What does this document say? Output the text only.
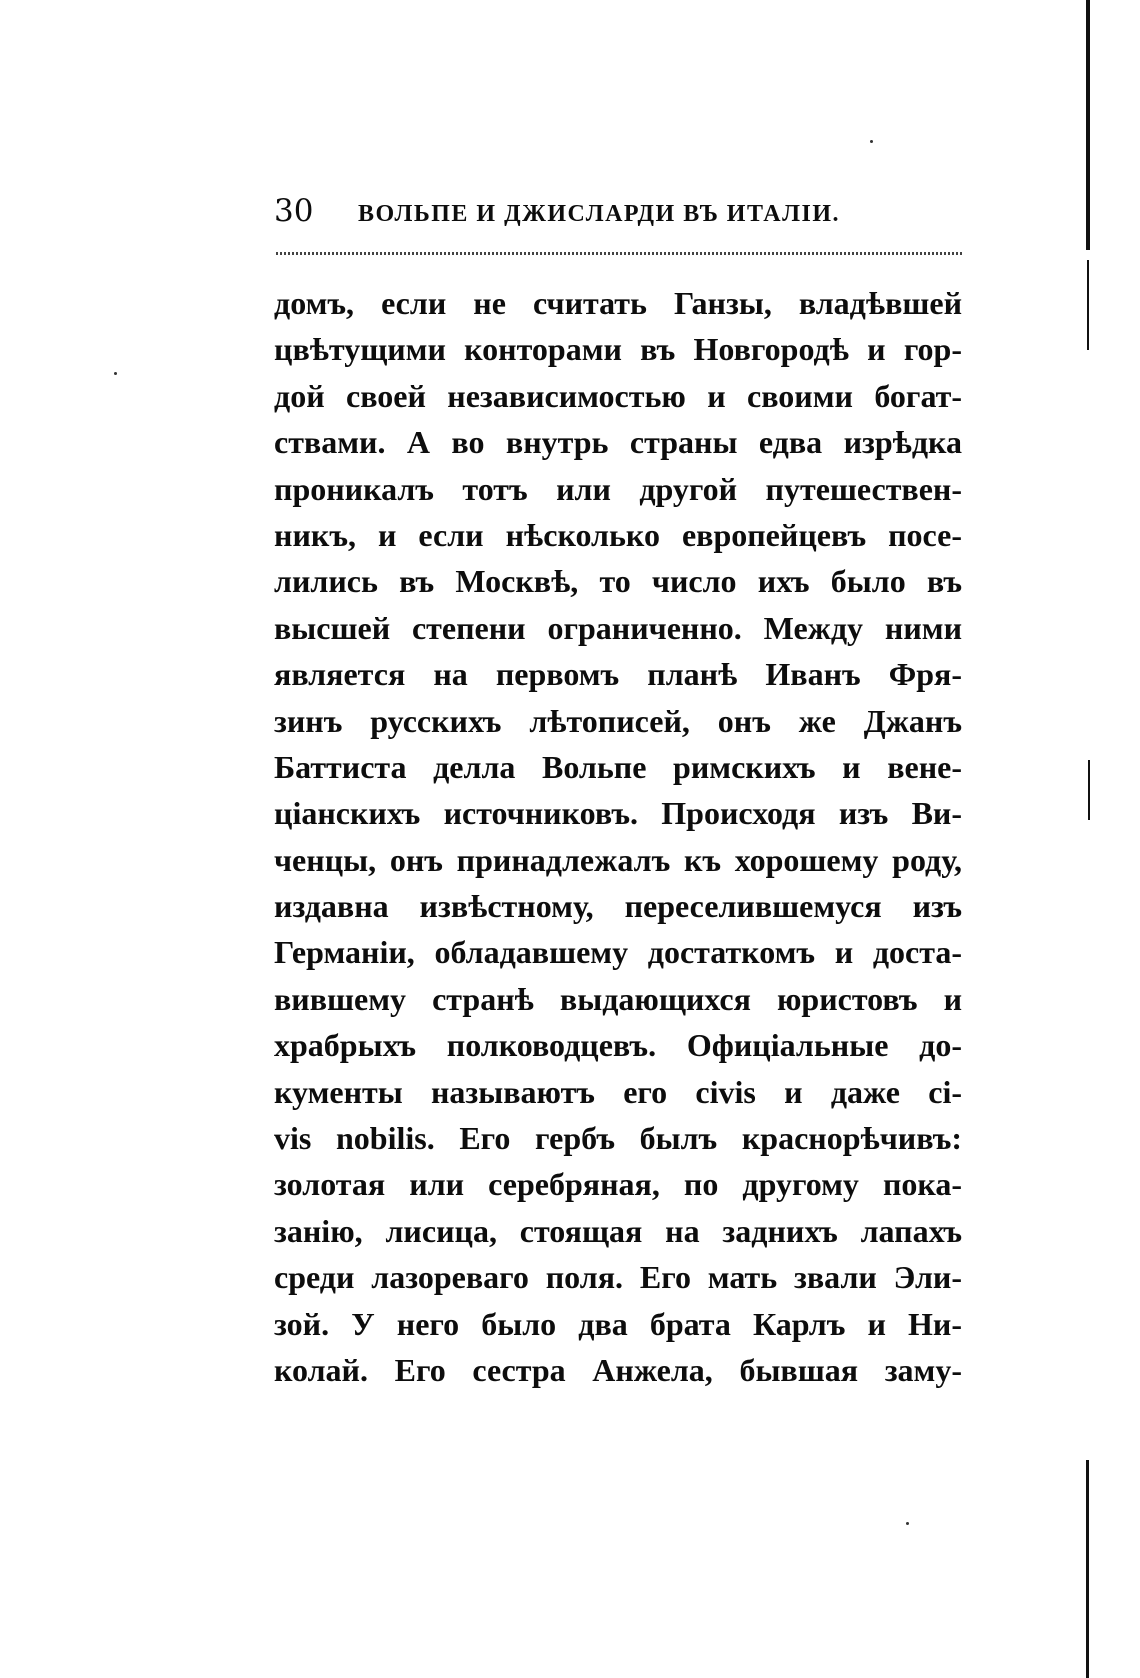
30 ВОЛЬПЕ И ДЖИСЛАРДИ ВЪ ИТАЛІИ.
домъ, если не считать Ганзы, владѣвшей
цвѣтущими конторами въ Новгородѣ и гор-
дой своей независимостью и своими богат-
ствами. А во внутрь страны едва изрѣдка
проникалъ тотъ или другой путешествен-
никъ, и если нѣсколько европейцевъ посе-
лились въ Москвѣ, то число ихъ было въ
высшей степени ограниченно. Между ними
является на первомъ планѣ Иванъ Фря-
зинъ русскихъ лѣтописей, онъ же Джанъ
Баттиста делла Вольпе римскихъ и вене-
ціанскихъ источниковъ. Происходя изъ Ви-
ченцы, онъ принадлежалъ къ хорошему роду,
издавна извѣстному, переселившемуся изъ
Германіи, обладавшему достаткомъ и доста-
вившему странѣ выдающихся юристовъ и
храбрыхъ полководцевъ. Офиціальные до-
кументы называютъ его civis и даже ci-
vis nobilis. Его гербъ былъ краснорѣчивъ:
золотая или серебряная, по другому пока-
занію, лисица, стоящая на заднихъ лапахъ
среди лазореваго поля. Его мать звали Эли-
зой. У него было два брата Карлъ и Ни-
колай. Его сестра Анжела, бывшая заму-
